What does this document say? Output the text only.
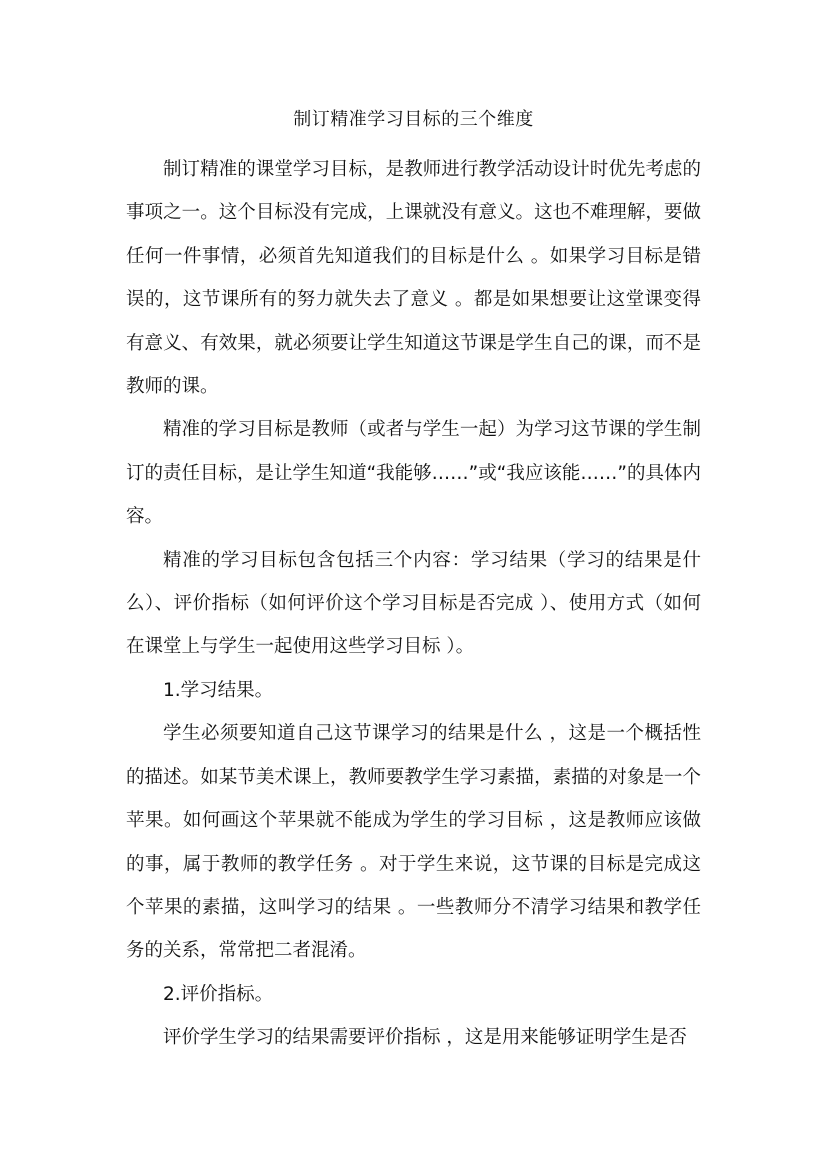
制订精准学习目标的三个维度

制订精准的课堂学习目标，是教师进行教学活动设计时优先考虑的事项之一。这个目标没有完成，上课就没有意义。这也不难理解，要做任何一件事情，必须首先知道我们的目标是什么 。如果学习目标是错误的，这节课所有的努力就失去了意义 。都是如果想要让这堂课变得有意义、有效果，就必须要让学生知道这节课是学生自己的课，而不是教师的课。

精准的学习目标是教师（或者与学生一起）为学习这节课的学生制订的责任目标，是让学生知道“我能够……”或“我应该能……”的具体内容。

精准的学习目标包含包括三个内容：学习结果（学习的结果是什么）、评价指标（如何评价这个学习目标是否完成 ）、使用方式（如何在课堂上与学生一起使用这些学习目标 ）。

1.学习结果。

学生必须要知道自己这节课学习的结果是什么 ，这是一个概括性的描述。如某节美术课上，教师要教学生学习素描，素描的对象是一个苹果。如何画这个苹果就不能成为学生的学习目标 ，这是教师应该做的事，属于教师的教学任务 。对于学生来说，这节课的目标是完成这个苹果的素描，这叫学习的结果 。一些教师分不清学习结果和教学任务的关系，常常把二者混淆。

2.评价指标。

评价学生学习的结果需要评价指标 ，这是用来能够证明学生是否
